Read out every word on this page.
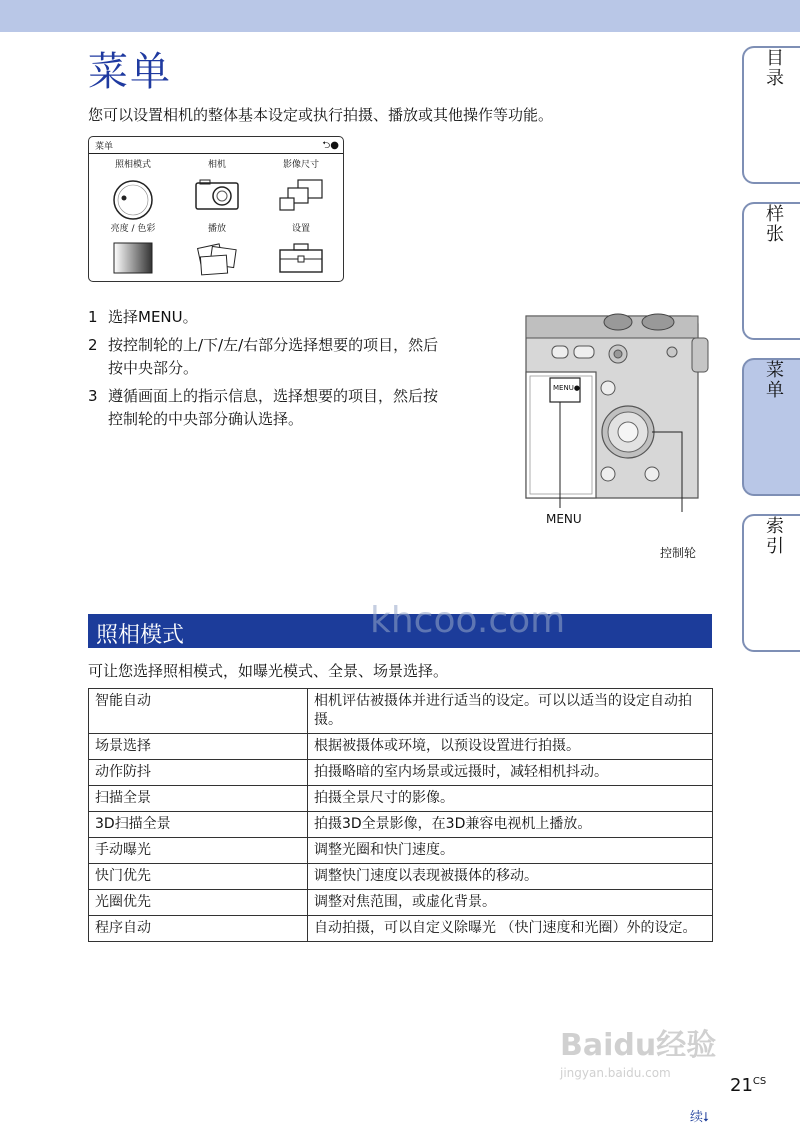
菜单
您可以设置相机的整体基本设定或执行拍摄、播放或其他操作等功能。
菜单	⮌●
照相模式	相机	影像尺寸
亮度 / 色彩	播放	设置
1 选择MENU。
2 按控制轮的上/下/左/右部分选择想要的项目，然后按中央部分。
3 遵循画面上的指示信息，选择想要的项目，然后按控制轮的中央部分确认选择。
MENU●
MENU
控制轮
目录
样张
菜单
索引
照相模式	khcoo.com
可让您选择照相模式，如曝光模式、全景、场景选择。
智能自动	相机评估被摄体并进行适当的设定。可以以适当的设定自动拍摄。
场景选择	根据被摄体或环境，以预设设置进行拍摄。
动作防抖	拍摄略暗的室内场景或远摄时，减轻相机抖动。
扫描全景	拍摄全景尺寸的影像。
3D扫描全景	拍摄3D全景影像，在3D兼容电视机上播放。
手动曝光	调整光圈和快门速度。
快门优先	调整快门速度以表现被摄体的移动。
光圈优先	调整对焦范围，或虚化背景。
程序自动	自动拍摄，可以自定义除曝光 （快门速度和光圈）外的设定。
Baidu经验
jingyan.baidu.com
$21^{CS}$
续⭣
